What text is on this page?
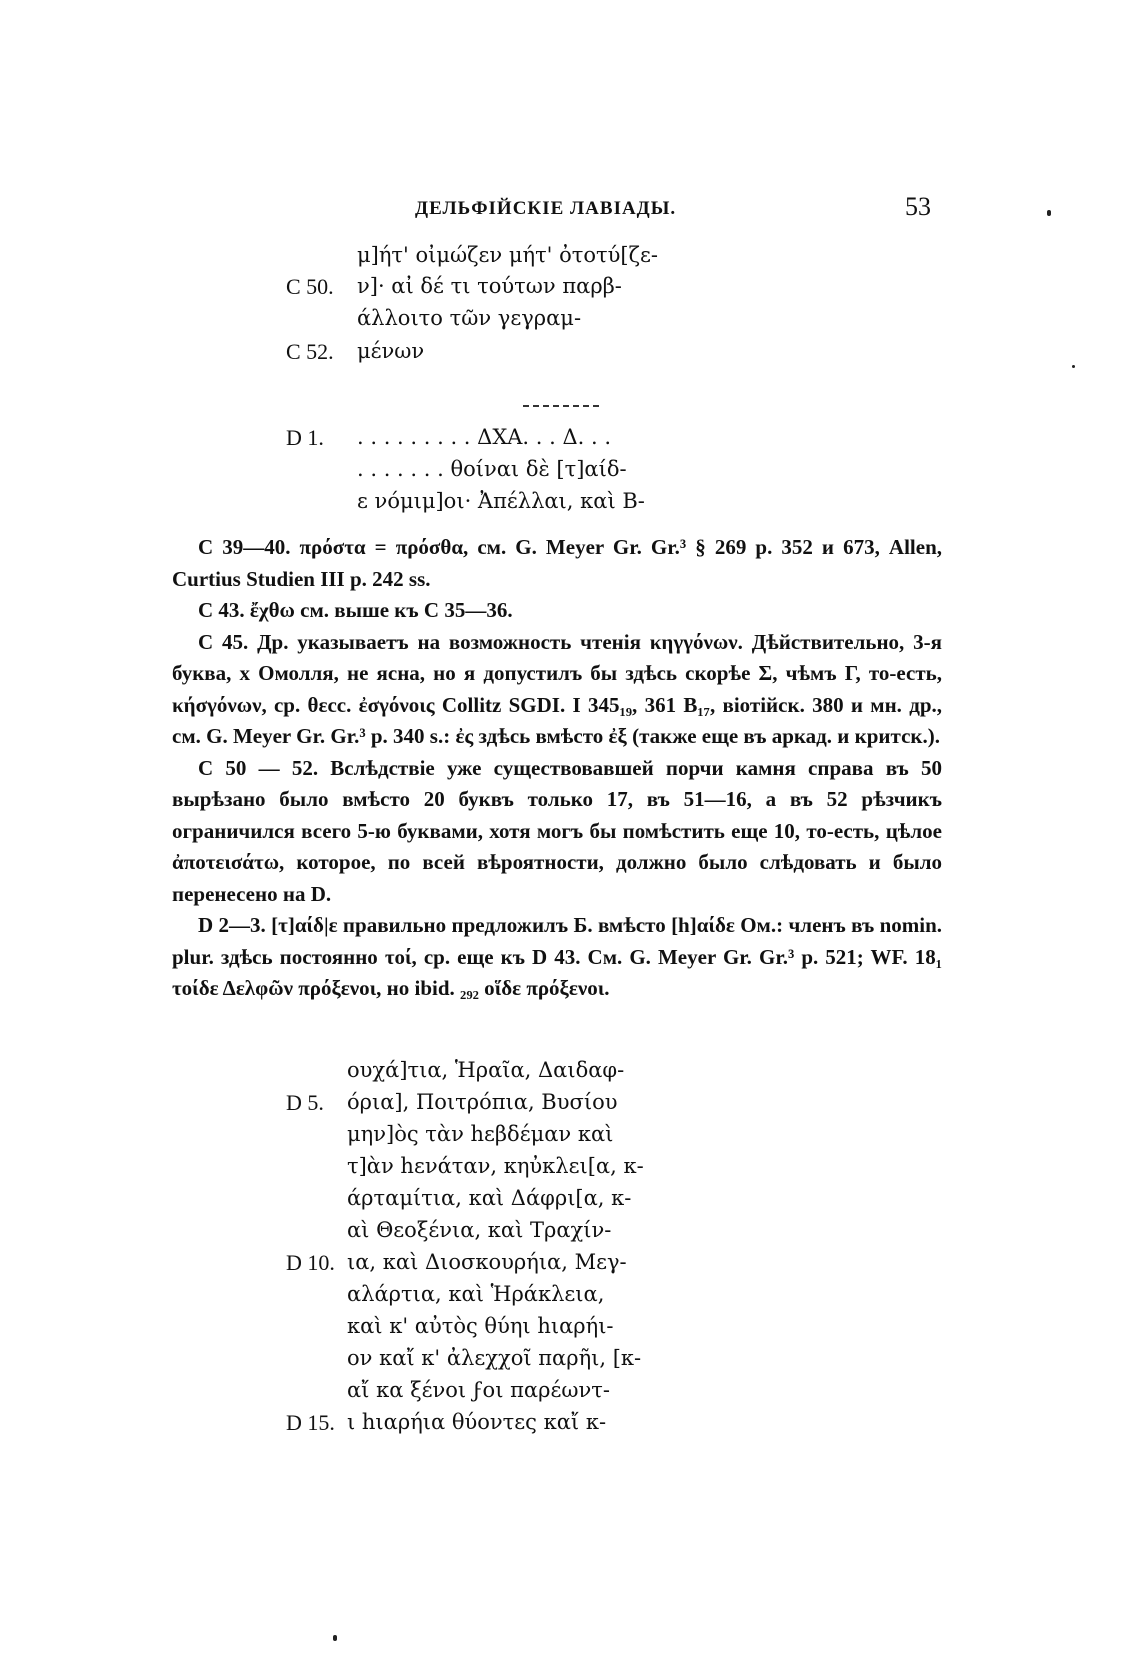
ДЕЛЬФІЙСКІЕ ЛАВІАДЫ.	53
μ]ήτ' οἰμώζεν μήτ' ὀτοτύ[ζε-
C 50. ν]· αἰ δέ τι τούτων παρβ-
άλλοιτο τῶν γεγραμ-
C 52. μένων
D 1. . . . . . . . . . ΔΧΑ. . . Δ. . .
. . . . . . . θοίναι δὲ [τ]αίδ-
ε νόμιμ]οι· Ἀπέλλαι, καὶ Β-

C 39—40. πρόστα = πρόσθα, см. G. Meyer Gr. Gr.³ § 269 p. 352 и 673, Allen, Curtius Studien III p. 242 ss.

C 43. ἔχθω см. выше къ C 35—36.

C 45. Др. указываетъ на возможность чтенія κηγγόνων. Дѣйствительно, 3-я буква, х Омолля, не ясна, но я допустилъ бы здѣсь скорѣе Σ, чѣмъ Γ, то-есть, κήσγόνων, ср. θεсс. ἐσγόνοις Collitz SGDI. I 345₁₉, 361 B₁₇, віотійск. 380 и мн. др., см. G. Meyer Gr. Gr.³ p. 340 s.: ἐς здѣсь вмѣсто ἐξ (также еще въ аркад. и критск.).

C 50 — 52. Вслѣдствіе уже существовавшей порчи камня справа въ 50 вырѣзано было вмѣсто 20 буквъ только 17, въ 51—16, а въ 52 рѣзчикъ ограничился всего 5-ю буквами, хотя могъ бы помѣстить еще 10, то-есть, цѣлое ἀποτεισάτω, которое, по всей вѣроятности, должно было слѣдовать и было перенесено на D.

D 2—3. [τ]αίδ|ε правильно предложилъ Б. вмѣсто [h]αίδε Ом.: членъ въ nomin. plur. здѣсь постоянно τοί, ср. еще къ D 43. См. G. Meyer Gr. Gr.³ p. 521; WF. 18₁ τοίδε Δελφῶν πρόξενοι, но ibid. ₂₉₂ οἵδε πρόξενοι.

ουχά]τια, Ἡραῖα, Δαιδαφ-
D 5. όρια], Ποιτρόπια, Βυσίου
μην]ὸς τὰν hεβδέμαν καὶ
τ]ὰν hενάταν, κηὐκλει[α, κ-
άρταμίτια, καὶ Δάφρι[α, κ-
αὶ Θεοξένια, καὶ Τραχίν-
D 10. ια, καὶ Διοσκουρήια, Μεγ-
αλάρτια, καὶ Ἡράκλεια,
καὶ κ' αὐτὸς θύηι hιαρήι-
ον καἴ κ' ἀλεχχοῖ παρῆι, [κ-
αἴ κα ξένοι ϝοι παρέωντ-
D 15. ι hιαρήια θύοντες καἴ κ-
